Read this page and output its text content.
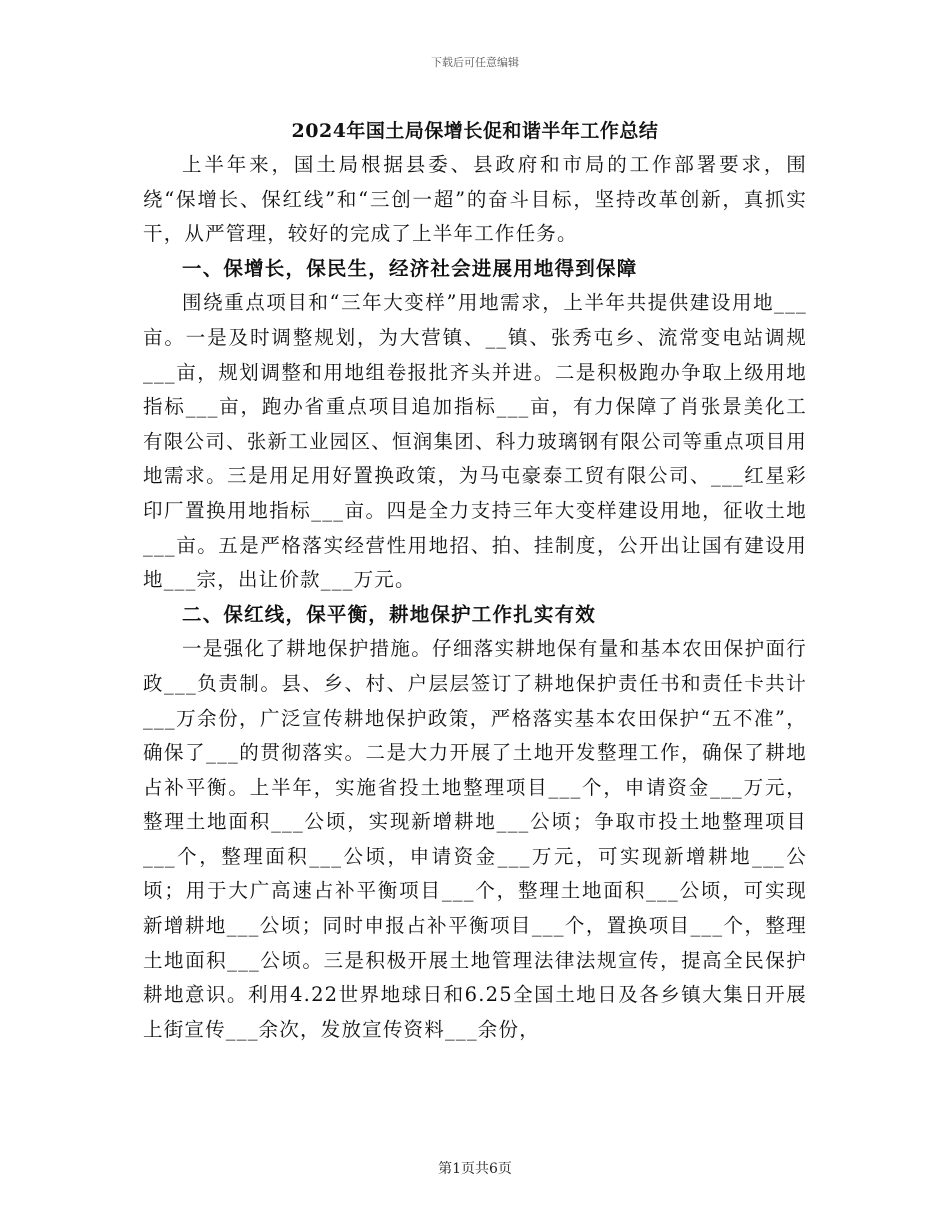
下载后可任意编辑
2024年国土局保增长促和谐半年工作总结

上半年来，国土局根据县委、县政府和市局的工作部署要求，围绕“保增长、保红线”和“三创一超”的奋斗目标，坚持改革创新，真抓实干，从严管理，较好的完成了上半年工作任务。

一、保增长，保民生，经济社会进展用地得到保障

围绕重点项目和“三年大变样”用地需求，上半年共提供建设用地___亩。一是及时调整规划，为大营镇、__镇、张秀屯乡、流常变电站调规___亩，规划调整和用地组卷报批齐头并进。二是积极跑办争取上级用地指标___亩，跑办省重点项目追加指标___亩，有力保障了肖张景美化工有限公司、张新工业园区、恒润集团、科力玻璃钢有限公司等重点项目用地需求。三是用足用好置换政策，为马屯豪泰工贸有限公司、___红星彩印厂置换用地指标___亩。四是全力支持三年大变样建设用地，征收土地___亩。五是严格落实经营性用地招、拍、挂制度，公开出让国有建设用地___宗，出让价款___万元。

二、保红线，保平衡，耕地保护工作扎实有效

一是强化了耕地保护措施。仔细落实耕地保有量和基本农田保护面行政___负责制。县、乡、村、户层层签订了耕地保护责任书和责任卡共计___万余份，广泛宣传耕地保护政策，严格落实基本农田保护“五不准”，确保了___的贯彻落实。二是大力开展了土地开发整理工作，确保了耕地占补平衡。上半年，实施省投土地整理项目___个，申请资金___万元，整理土地面积___公顷，实现新增耕地___公顷；争取市投土地整理项目___个，整理面积___公顷，申请资金___万元，可实现新增耕地___公顷；用于大广高速占补平衡项目___个，整理土地面积___公顷，可实现新增耕地___公顷；同时申报占补平衡项目___个，置换项目___个，整理土地面积___公顷。三是积极开展土地管理法律法规宣传，提高全民保护耕地意识。利用4.22世界地球日和6.25全国土地日及各乡镇大集日开展上街宣传___余次，发放宣传资料___余份，

第1页共6页
